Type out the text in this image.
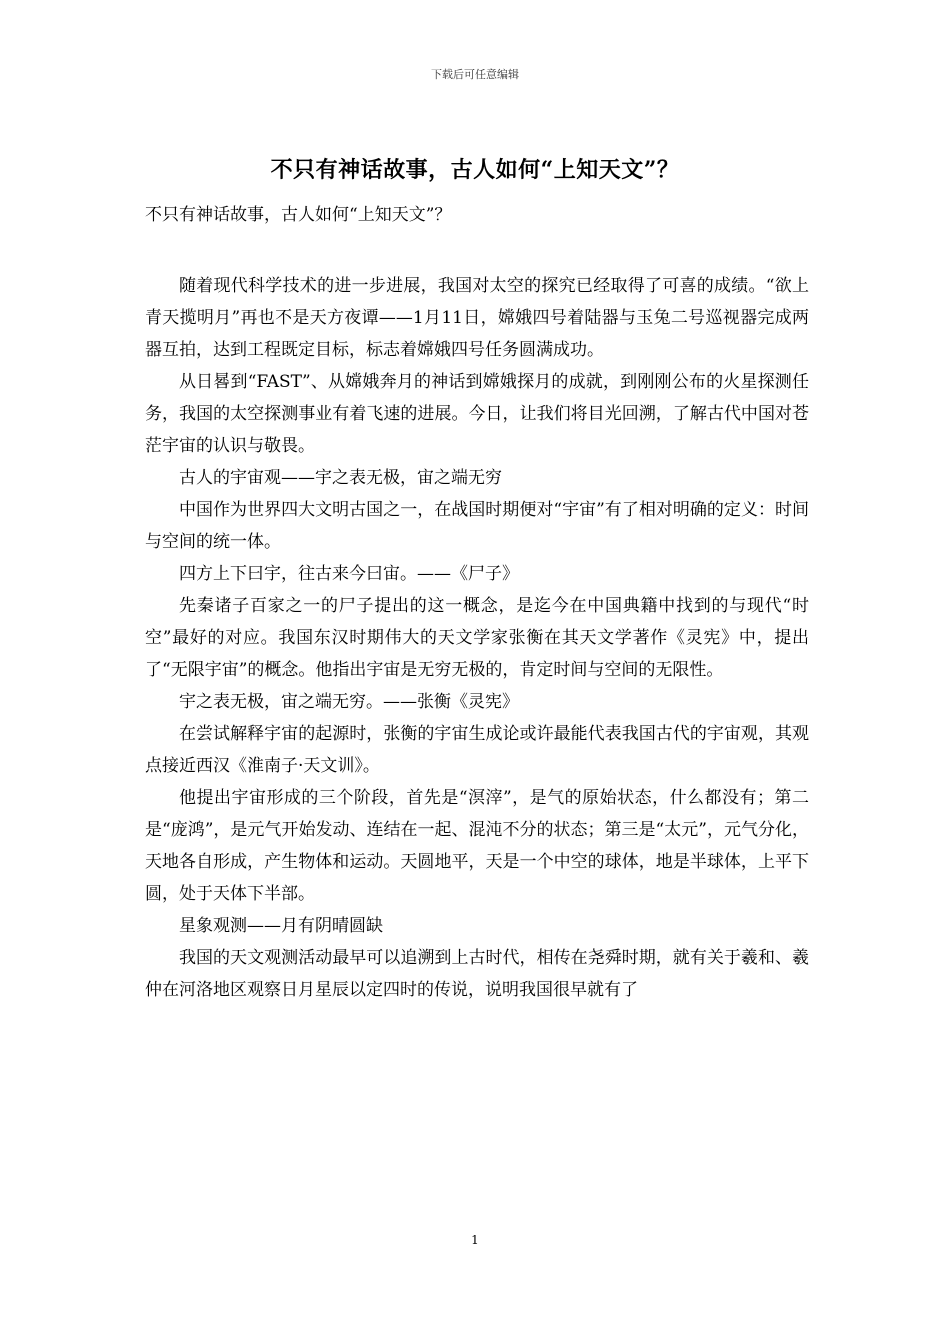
下载后可任意编辑
不只有神话故事，古人如何“上知天文”？
不只有神话故事，古人如何“上知天文”？

随着现代科学技术的进一步进展，我国对太空的探究已经取得了可喜的成绩。“欲上青天揽明月”再也不是天方夜谭——1月11日，嫦娥四号着陆器与玉兔二号巡视器完成两器互拍，达到工程既定目标，标志着嫦娥四号任务圆满成功。

从日晷到“FAST”、从嫦娥奔月的神话到嫦娥探月的成就，到刚刚公布的火星探测任务，我国的太空探测事业有着飞速的进展。今日，让我们将目光回溯，了解古代中国对苍茫宇宙的认识与敬畏。

古人的宇宙观——宇之表无极，宙之端无穷

中国作为世界四大文明古国之一，在战国时期便对“宇宙”有了相对明确的定义：时间与空间的统一体。

四方上下曰宇，往古来今曰宙。——《尸子》

先秦诸子百家之一的尸子提出的这一概念，是迄今在中国典籍中找到的与现代“时空”最好的对应。我国东汉时期伟大的天文学家张衡在其天文学著作《灵宪》中，提出了“无限宇宙”的概念。他指出宇宙是无穷无极的，肯定时间与空间的无限性。

宇之表无极，宙之端无穷。——张衡《灵宪》

在尝试解释宇宙的起源时，张衡的宇宙生成论或许最能代表我国古代的宇宙观，其观点接近西汉《淮南子·天文训》。

他提出宇宙形成的三个阶段，首先是“溟滓”，是气的原始状态，什么都没有；第二是“庞鸿”，是元气开始发动、连结在一起、混沌不分的状态；第三是“太元”，元气分化，天地各自形成，产生物体和运动。天圆地平，天是一个中空的球体，地是半球体，上平下圆，处于天体下半部。

星象观测——月有阴晴圆缺

我国的天文观测活动最早可以追溯到上古时代，相传在尧舜时期，就有关于羲和、羲仲在河洛地区观察日月星辰以定四时的传说，说明我国很早就有了

1
